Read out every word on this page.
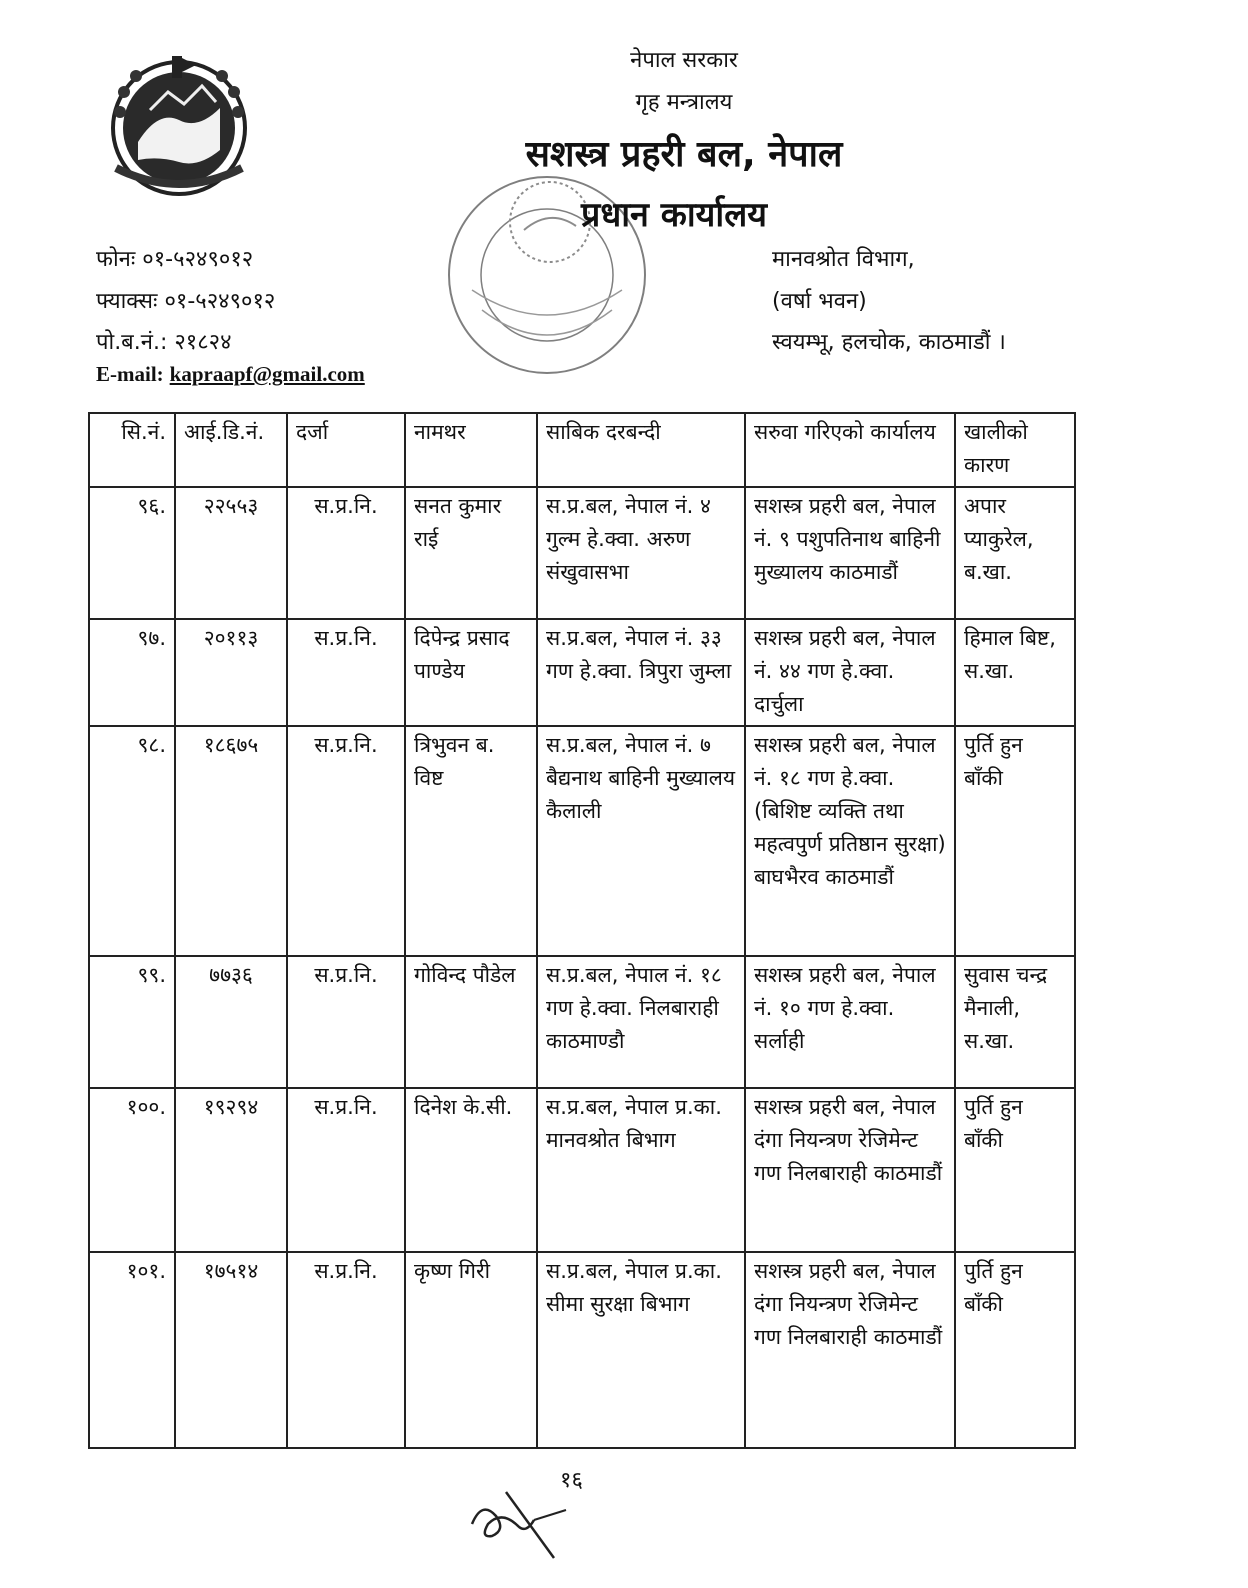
नेपाल सरकार
गृह मन्त्रालय
सशस्त्र प्रहरी बल, नेपाल
प्रधान कार्यालय
फोनः ०१-५२४९०१२
फ्याक्सः ०१-५२४९०१२
पो.ब.नं.: २१८२४
E-mail: kapraapf@gmail.com
मानवश्रोत विभाग,
(वर्षा भवन)
स्वयम्भू, हलचोक, काठमाडौं ।
सि.नं.	आई.डि.नं.	दर्जा	नामथर	साबिक दरबन्दी	सरुवा गरिएको कार्यालय	खालीको कारण
९६.	२२५५३	स.प्र.नि.	सनत कुमार राई	स.प्र.बल, नेपाल नं. ४ गुल्म हे.क्वा. अरुण संखुवासभा	सशस्त्र प्रहरी बल, नेपाल नं. ९ पशुपतिनाथ बाहिनी मुख्यालय काठमाडौं	अपार प्याकुरेल, ब.खा.
९७.	२०११३	स.प्र.नि.	दिपेन्द्र प्रसाद पाण्डेय	स.प्र.बल, नेपाल नं. ३३ गण हे.क्वा. त्रिपुरा जुम्ला	सशस्त्र प्रहरी बल, नेपाल नं. ४४ गण हे.क्वा. दार्चुला	हिमाल बिष्ट, स.खा.
९८.	१८६७५	स.प्र.नि.	त्रिभुवन ब. विष्ट	स.प्र.बल, नेपाल नं. ७ बैद्यनाथ बाहिनी मुख्यालय कैलाली	सशस्त्र प्रहरी बल, नेपाल नं. १८ गण हे.क्वा. (बिशिष्ट व्यक्ति तथा महत्वपुर्ण प्रतिष्ठान सुरक्षा) बाघभैरव काठमाडौं	पुर्ति हुन बाँकी
९९.	७७३६	स.प्र.नि.	गोविन्द पौडेल	स.प्र.बल, नेपाल नं. १८ गण हे.क्वा. निलबाराही काठमाण्डौ	सशस्त्र प्रहरी बल, नेपाल नं. १० गण हे.क्वा. सर्लाही	सुवास चन्द्र मैनाली, स.खा.
१००.	१९२९४	स.प्र.नि.	दिनेश के.सी.	स.प्र.बल, नेपाल प्र.का. मानवश्रोत बिभाग	सशस्त्र प्रहरी बल, नेपाल दंगा नियन्त्रण रेजिमेन्ट गण निलबाराही काठमाडौं	पुर्ति हुन बाँकी
१०१.	१७५१४	स.प्र.नि.	कृष्ण गिरी	स.प्र.बल, नेपाल प्र.का. सीमा सुरक्षा बिभाग	सशस्त्र प्रहरी बल, नेपाल दंगा नियन्त्रण रेजिमेन्ट गण निलबाराही काठमाडौं	पुर्ति हुन बाँकी
१६
